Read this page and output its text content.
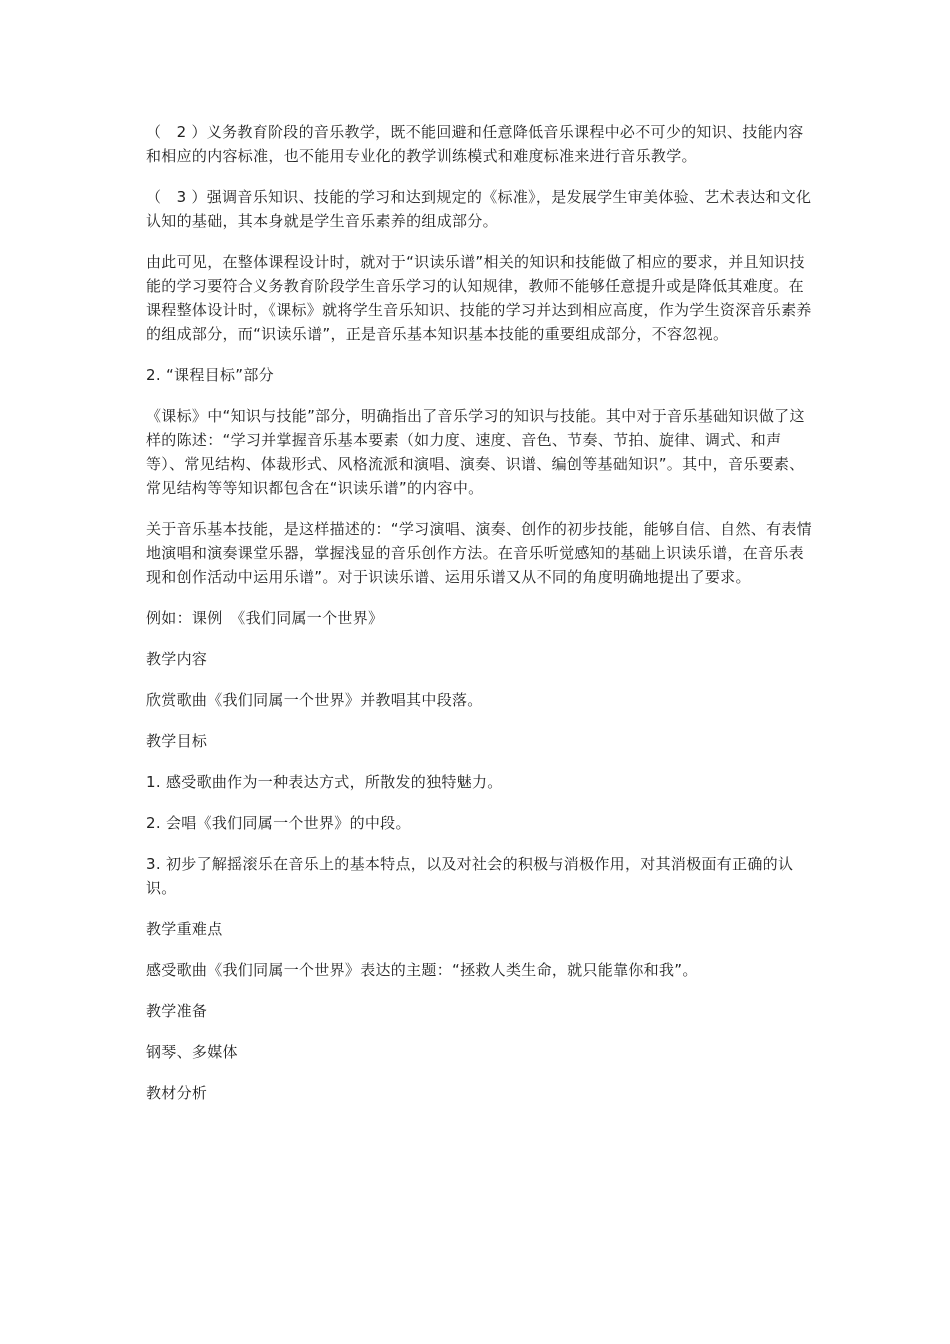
（　2 ）义务教育阶段的音乐教学，既不能回避和任意降低音乐课程中必不可少的知识、技能内容和相应的内容标准，也不能用专业化的教学训练模式和难度标准来进行音乐教学。

（　3 ）强调音乐知识、技能的学习和达到规定的《标准》，是发展学生审美体验、艺术表达和文化认知的基础，其本身就是学生音乐素养的组成部分。

由此可见，在整体课程设计时，就对于“识读乐谱”相关的知识和技能做了相应的要求，并且知识技能的学习要符合义务教育阶段学生音乐学习的认知规律，教师不能够任意提升或是降低其难度。在课程整体设计时，《课标》就将学生音乐知识、技能的学习并达到相应高度，作为学生资深音乐素养的组成部分，而“识读乐谱”，正是音乐基本知识基本技能的重要组成部分，不容忽视。

2. “课程目标”部分

《课标》中“知识与技能”部分，明确指出了音乐学习的知识与技能。其中对于音乐基础知识做了这样的陈述：“学习并掌握音乐基本要素（如力度、速度、音色、节奏、节拍、旋律、调式、和声等）、常见结构、体裁形式、风格流派和演唱、演奏、识谱、编创等基础知识”。其中，音乐要素、常见结构等等知识都包含在“识读乐谱”的内容中。

关于音乐基本技能，是这样描述的：“学习演唱、演奏、创作的初步技能，能够自信、自然、有表情地演唱和演奏课堂乐器，掌握浅显的音乐创作方法。在音乐听觉感知的基础上识读乐谱，在音乐表现和创作活动中运用乐谱”。对于识读乐谱、运用乐谱又从不同的角度明确地提出了要求。

例如：课例　《我们同属一个世界》

教学内容

欣赏歌曲《我们同属一个世界》并教唱其中段落。

教学目标

1. 感受歌曲作为一种表达方式，所散发的独特魅力。

2. 会唱《我们同属一个世界》的中段。

3. 初步了解摇滚乐在音乐上的基本特点，以及对社会的积极与消极作用，对其消极面有正确的认识。

教学重难点

感受歌曲《我们同属一个世界》表达的主题：“拯救人类生命，就只能靠你和我”。

教学准备

钢琴、多媒体

教材分析
